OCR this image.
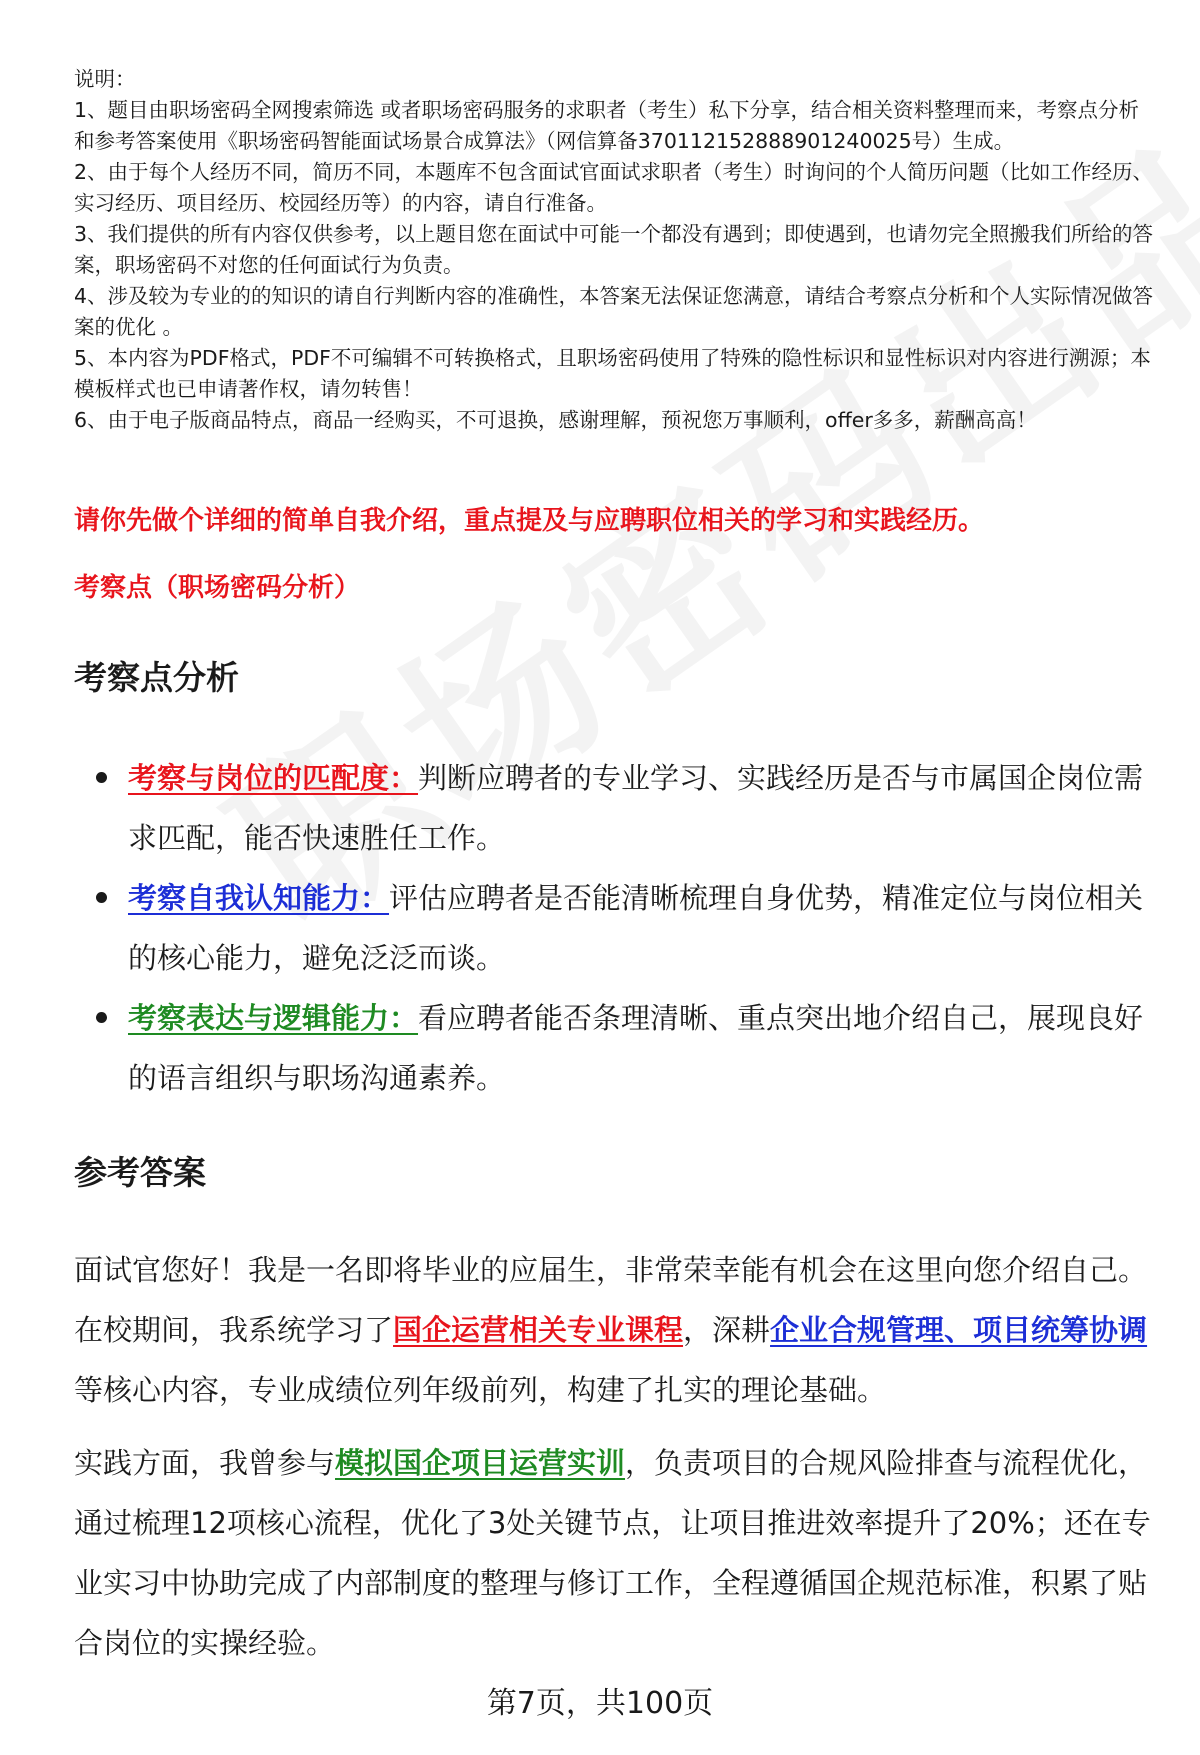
说明：

1、题目由职场密码全网搜索筛选 或者职场密码服务的求职者（考生）私下分享，结合相关资料整理而来，考察点分析和参考答案使用《职场密码智能面试场景合成算法》（网信算备370112152888901240025号）生成。

2、由于每个人经历不同，简历不同，本题库不包含面试官面试求职者（考生）时询问的个人简历问题（比如工作经历、实习经历、项目经历、校园经历等）的内容，请自行准备。

3、我们提供的所有内容仅供参考，以上题目您在面试中可能一个都没有遇到；即使遇到，也请勿完全照搬我们所给的答案，职场密码不对您的任何面试行为负责。

4、涉及较为专业的的知识的请自行判断内容的准确性，本答案无法保证您满意，请结合考察点分析和个人实际情况做答案的优化 。

5、本内容为PDF格式，PDF不可编辑不可转换格式，且职场密码使用了特殊的隐性标识和显性标识对内容进行溯源；本模板样式也已申请著作权，请勿转售！

6、由于电子版商品特点，商品一经购买，不可退换，感谢理解，预祝您万事顺利，offer多多，薪酬高高！

请你先做个详细的简单自我介绍，重点提及与应聘职位相关的学习和实践经历。

考察点（职场密码分析）

考察点分析
考察与岗位的匹配度：判断应聘者的专业学习、实践经历是否与市属国企岗位需求匹配，能否快速胜任工作。
考察自我认知能力：评估应聘者是否能清晰梳理自身优势，精准定位与岗位相关的核心能力，避免泛泛而谈。
考察表达与逻辑能力：看应聘者能否条理清晰、重点突出地介绍自己，展现良好的语言组织与职场沟通素养。
参考答案

面试官您好！我是一名即将毕业的应届生，非常荣幸能有机会在这里向您介绍自己。在校期间，我系统学习了国企运营相关专业课程，深耕企业合规管理、项目统筹协调等核心内容，专业成绩位列年级前列，构建了扎实的理论基础。

实践方面，我曾参与模拟国企项目运营实训，负责项目的合规风险排查与流程优化，通过梳理12项核心流程，优化了3处关键节点，让项目推进效率提升了20%；还在专业实习中协助完成了内部制度的整理与修订工作，全程遵循国企规范标准，积累了贴合岗位的实操经验。

第7页，共100页
